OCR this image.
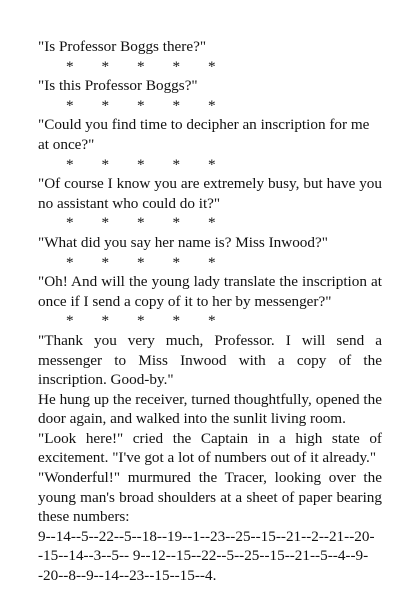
"Is Professor Boggs there?"

* * * * *

"Is this Professor Boggs?"

* * * * *

"Could you find time to decipher an inscription for me at once?"

* * * * *

"Of course I know you are extremely busy, but have you no assistant who could do it?"

* * * * *

"What did you say her name is? Miss Inwood?"

* * * * *

"Oh! And will the young lady translate the inscription at once if I send a copy of it to her by messenger?"

* * * * *

"Thank you very much, Professor. I will send a messenger to Miss Inwood with a copy of the inscription. Good-by."

He hung up the receiver, turned thoughtfully, opened the door again, and walked into the sunlit living room.

"Look here!" cried the Captain in a high state of excitement. "I've got a lot of numbers out of it already."

"Wonderful!" murmured the Tracer, looking over the young man's broad shoulders at a sheet of paper bearing these numbers:

9--14--5--22--5--18--19--1--23--25--15--21--2--21--20--15--14--3--5-- 9--12--15--22--5--25--15--21--5--4--9--20--8--9--14--23--15--15--4.
